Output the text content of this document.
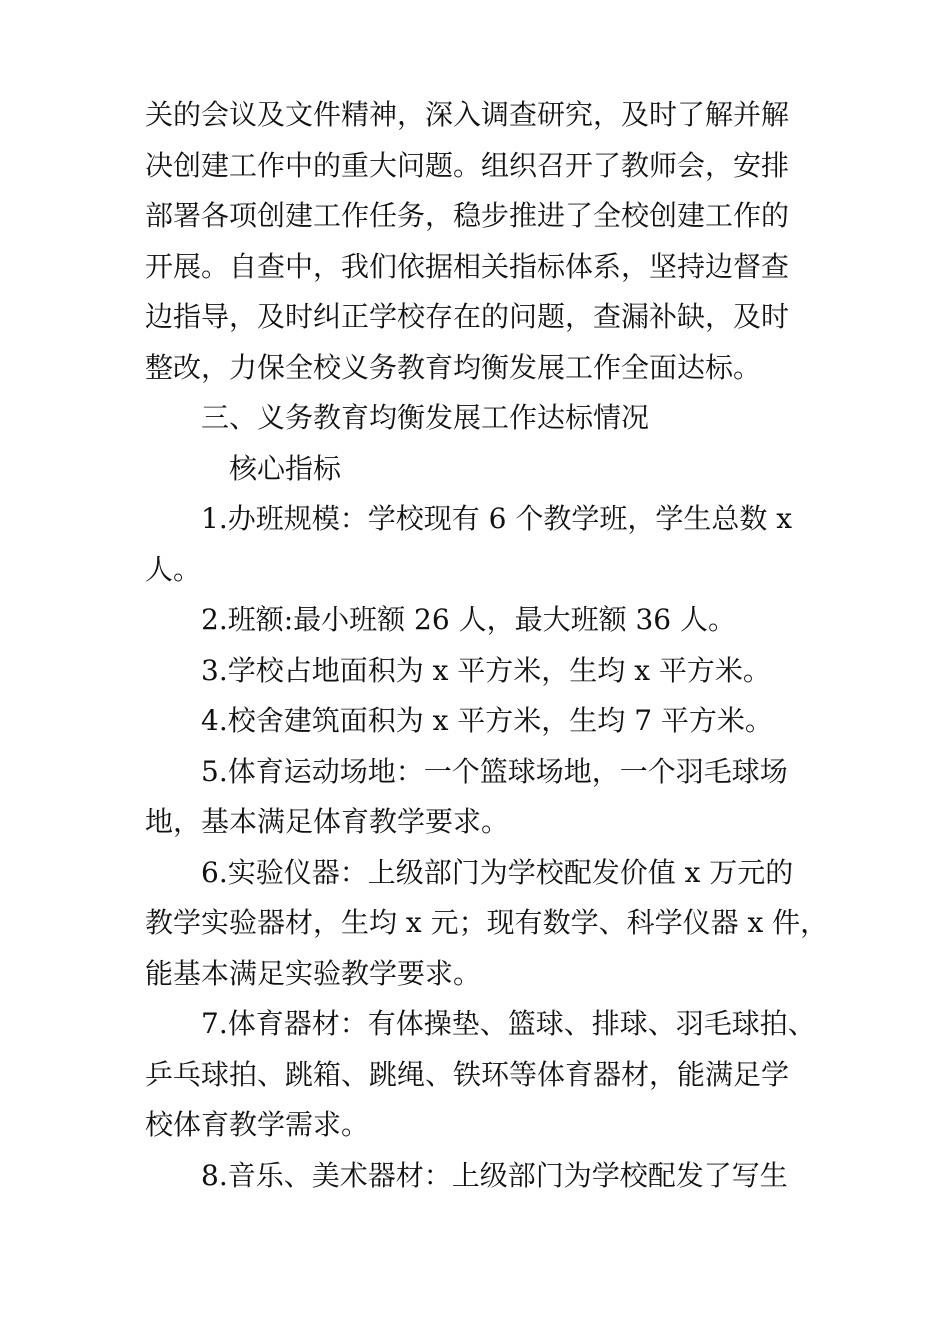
关的会议及文件精神，深入调查研究，及时了解并解
决创建工作中的重大问题。组织召开了教师会，安排
部署各项创建工作任务，稳步推进了全校创建工作的
开展。自查中，我们依据相关指标体系，坚持边督查
边指导，及时纠正学校存在的问题，查漏补缺，及时
整改，力保全校义务教育均衡发展工作全面达标。
三、义务教育均衡发展工作达标情况
核心指标
1.办班规模：学校现有 6 个教学班，学生总数 x
人。
2.班额:最小班额 26 人，最大班额 36 人。
3.学校占地面积为 x 平方米，生均 x 平方米。
4.校舍建筑面积为 x 平方米，生均 7 平方米。
5.体育运动场地：一个篮球场地，一个羽毛球场
地，基本满足体育教学要求。
6.实验仪器：上级部门为学校配发价值 x 万元的
教学实验器材，生均 x 元；现有数学、科学仪器 x 件，
能基本满足实验教学要求。
7.体育器材：有体操垫、篮球、排球、羽毛球拍、
乒乓球拍、跳箱、跳绳、铁环等体育器材，能满足学
校体育教学需求。
8.音乐、美术器材：上级部门为学校配发了写生
